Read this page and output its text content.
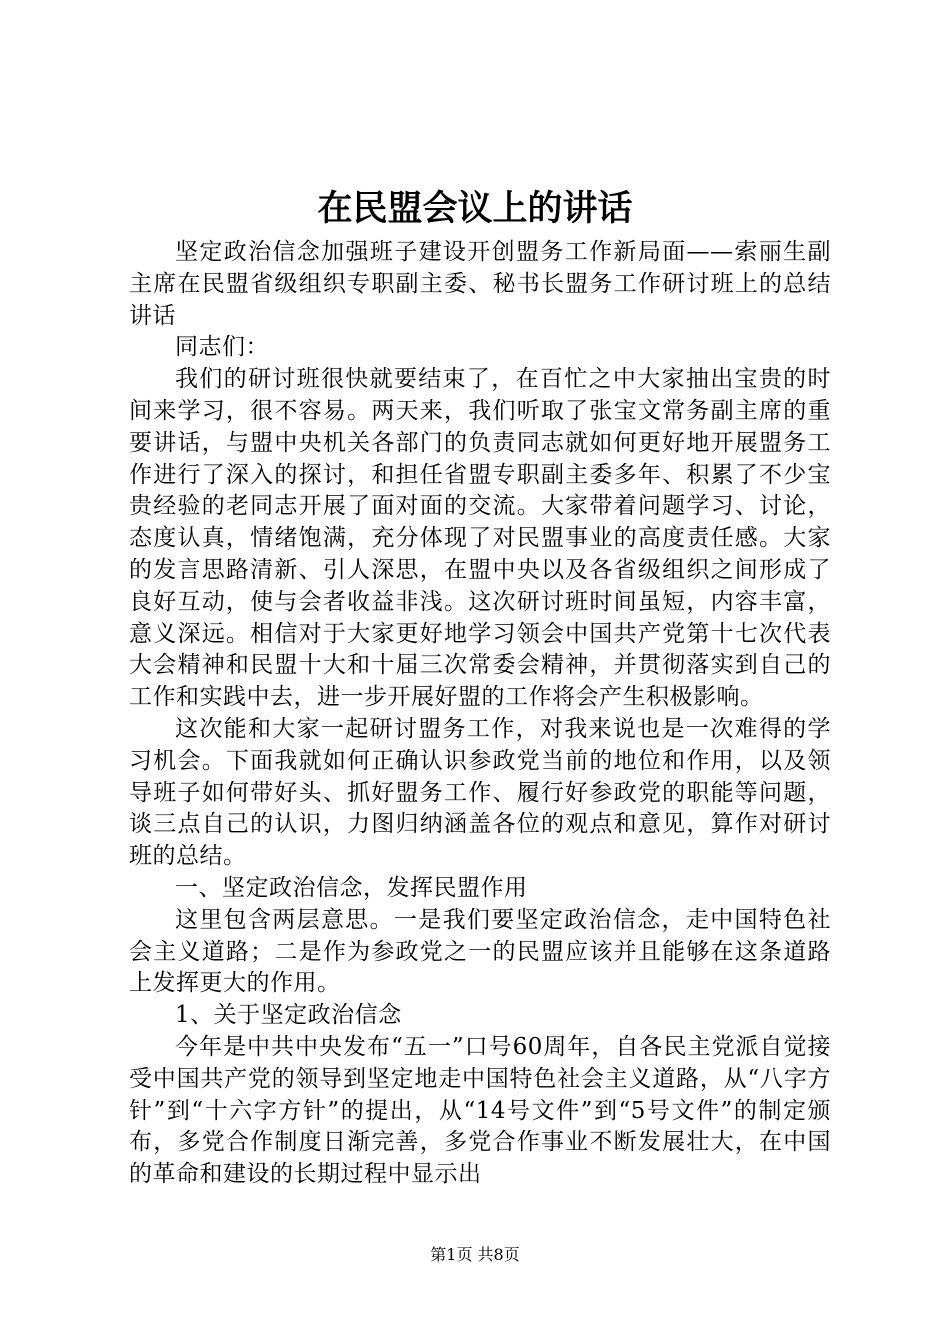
在民盟会议上的讲话

坚定政治信念加强班子建设开创盟务工作新局面——索丽生副主席在民盟省级组织专职副主委、秘书长盟务工作研讨班上的总结讲话

同志们：

我们的研讨班很快就要结束了，在百忙之中大家抽出宝贵的时间来学习，很不容易。两天来，我们听取了张宝文常务副主席的重要讲话，与盟中央机关各部门的负责同志就如何更好地开展盟务工作进行了深入的探讨，和担任省盟专职副主委多年、积累了不少宝贵经验的老同志开展了面对面的交流。大家带着问题学习、讨论，态度认真，情绪饱满，充分体现了对民盟事业的高度责任感。大家的发言思路清新、引人深思，在盟中央以及各省级组织之间形成了良好互动，使与会者收益非浅。这次研讨班时间虽短，内容丰富，意义深远。相信对于大家更好地学习领会中国共产党第十七次代表大会精神和民盟十大和十届三次常委会精神，并贯彻落实到自己的工作和实践中去，进一步开展好盟的工作将会产生积极影响。

这次能和大家一起研讨盟务工作，对我来说也是一次难得的学习机会。下面我就如何正确认识参政党当前的地位和作用，以及领导班子如何带好头、抓好盟务工作、履行好参政党的职能等问题，谈三点自己的认识，力图归纳涵盖各位的观点和意见，算作对研讨班的总结。

一、坚定政治信念，发挥民盟作用

这里包含两层意思。一是我们要坚定政治信念，走中国特色社会主义道路；二是作为参政党之一的民盟应该并且能够在这条道路上发挥更大的作用。

1、关于坚定政治信念

今年是中共中央发布“五一”口号60周年，自各民主党派自觉接受中国共产党的领导到坚定地走中国特色社会主义道路，从“八字方针”到“十六字方针”的提出，从“14号文件”到“5号文件”的制定颁布，多党合作制度日渐完善，多党合作事业不断发展壮大，在中国的革命和建设的长期过程中显示出

第1页 共8页
